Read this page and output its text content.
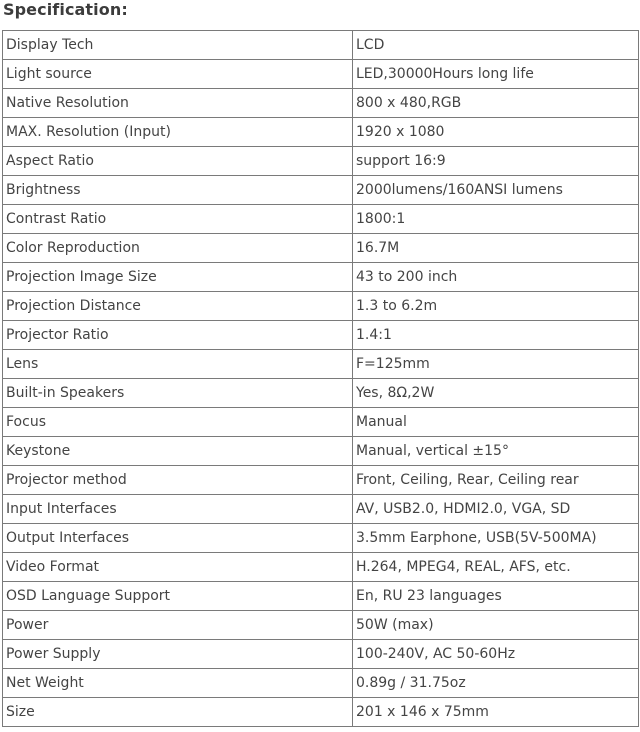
Specification:
Display Tech	LCD
Light source	LED,30000Hours long life
Native Resolution	800 x 480,RGB
MAX. Resolution (Input)	1920 x 1080
Aspect Ratio	support 16:9
Brightness	2000lumens/160ANSI lumens
Contrast Ratio	1800:1
Color Reproduction	16.7M
Projection Image Size	43 to 200 inch
Projection Distance	1.3 to 6.2m
Projector Ratio	1.4:1
Lens	F=125mm
Built-in Speakers	Yes, 8Ω,2W
Focus	Manual
Keystone	Manual, vertical ±15°
Projector method	Front, Ceiling, Rear, Ceiling rear
Input Interfaces	AV, USB2.0, HDMI2.0, VGA, SD
Output Interfaces	3.5mm Earphone, USB(5V-500MA)
Video Format	H.264, MPEG4, REAL, AFS, etc.
OSD Language Support	En, RU 23 languages
Power	50W (max)
Power Supply	100-240V, AC 50-60Hz
Net Weight	0.89g / 31.75oz
Size	201 x 146 x 75mm
